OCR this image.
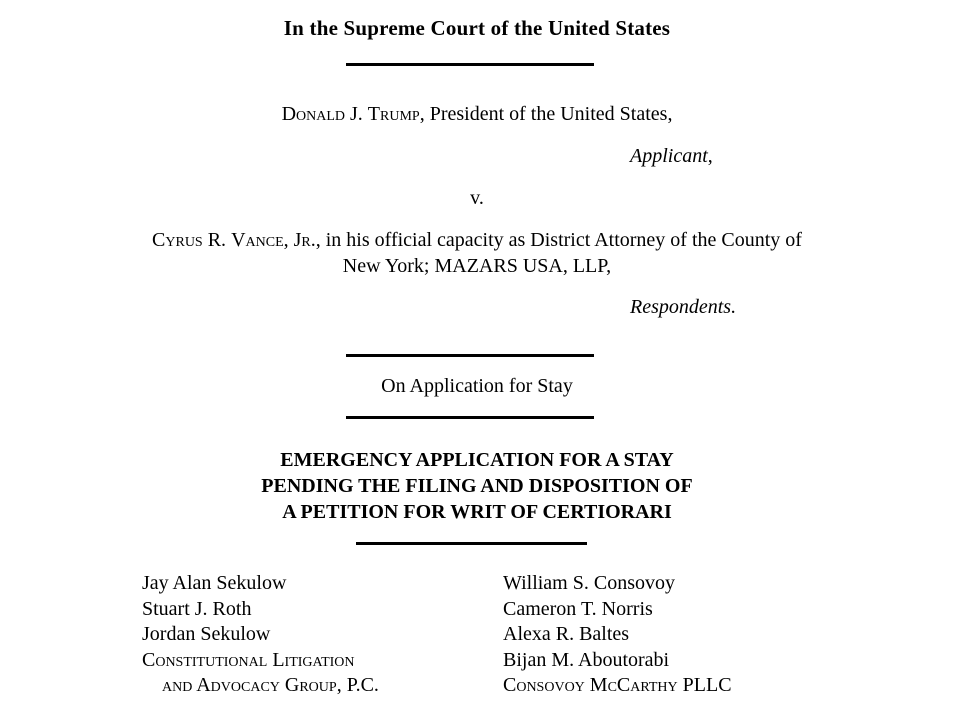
In the Supreme Court of the United States
Donald J. Trump, President of the United States,
Applicant,
v.
Cyrus R. Vance, Jr., in his official capacity as District Attorney of the County of
New York; MAZARS USA, LLP,
Respondents.
On Application for Stay
EMERGENCY APPLICATION FOR A STAY
PENDING THE FILING AND DISPOSITION OF
A PETITION FOR WRIT OF CERTIORARI
Jay Alan Sekulow
Stuart J. Roth
Jordan Sekulow
Constitutional Litigation
and Advocacy Group, P.C.
William S. Consovoy
Cameron T. Norris
Alexa R. Baltes
Bijan M. Aboutorabi
Consovoy McCarthy PLLC
